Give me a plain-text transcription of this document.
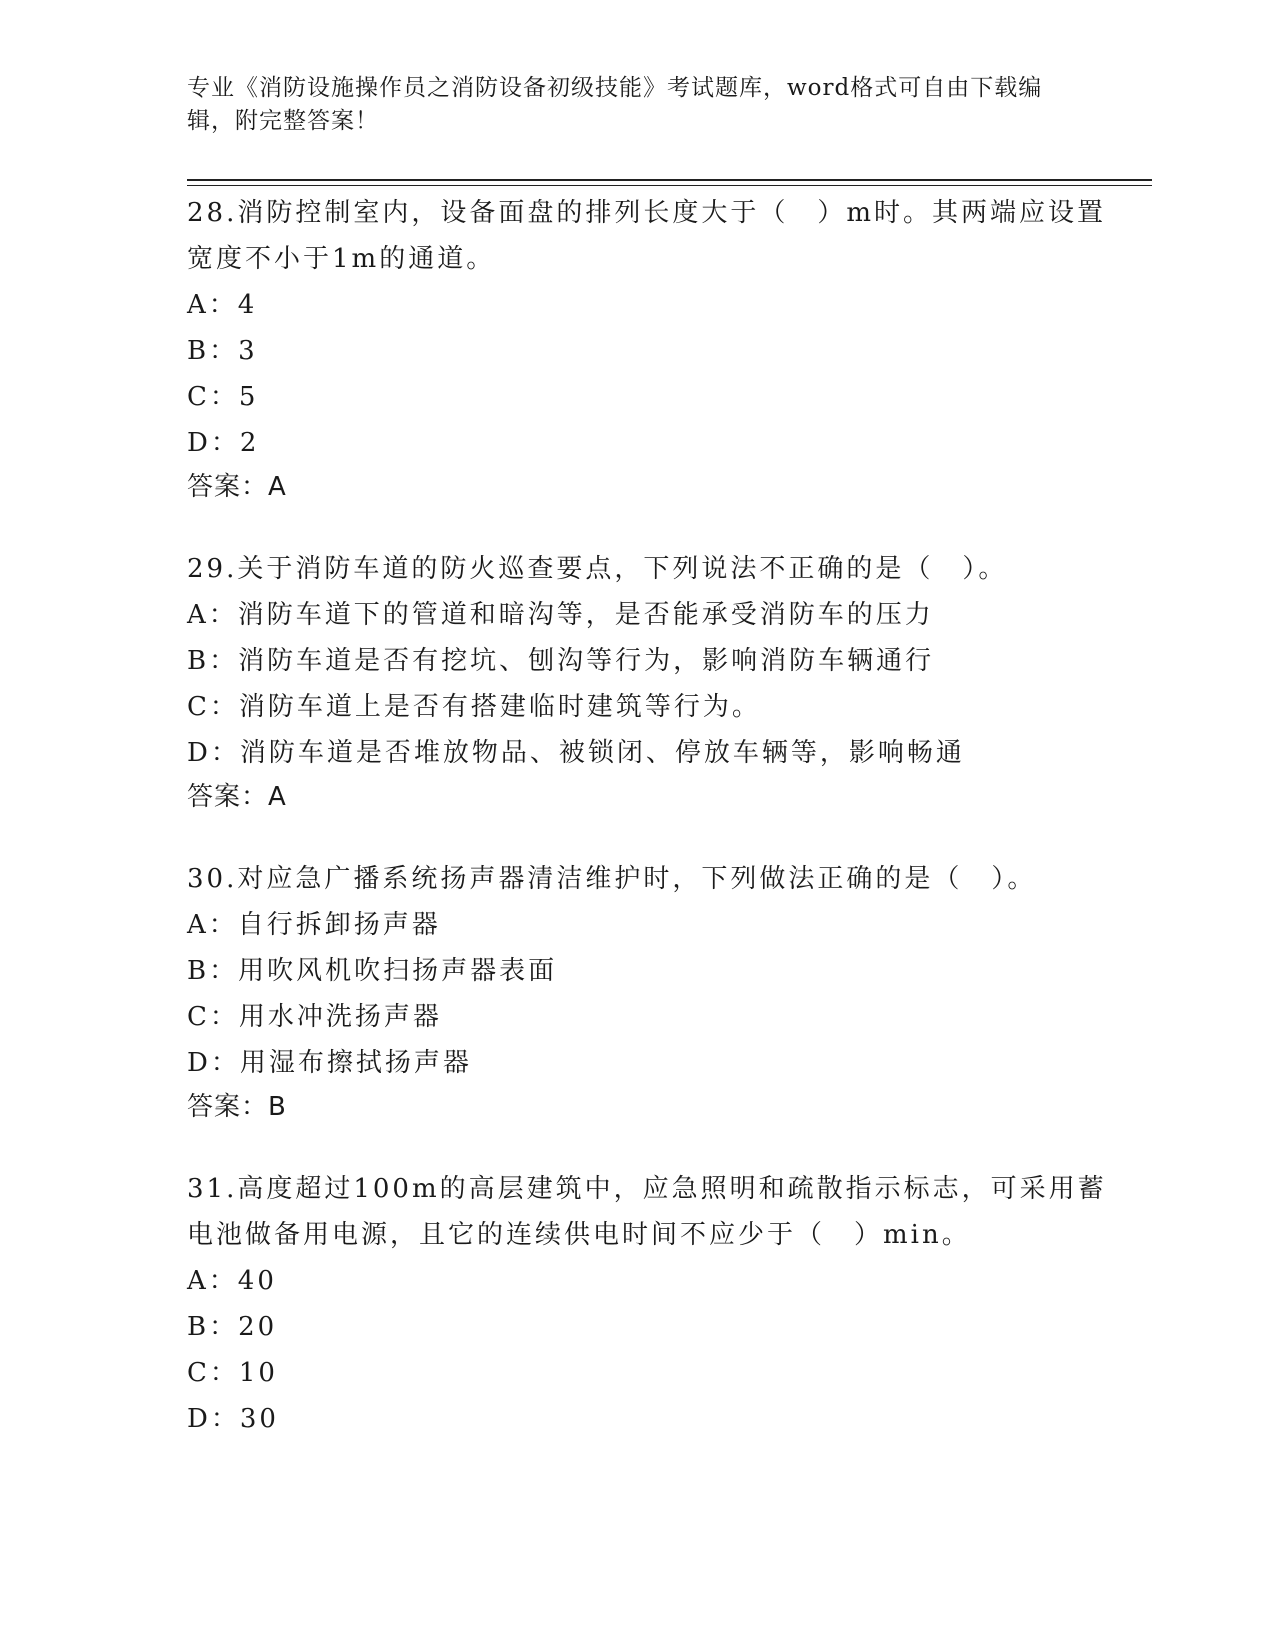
专业《消防设施操作员之消防设备初级技能》考试题库，word格式可自由下载编辑，附完整答案！
28.消防控制室内，设备面盘的排列长度大于（　）m时。其两端应设置宽度不小于1m的通道。
A：4
B：3
C：5
D：2
答案：A
29.关于消防车道的防火巡查要点，下列说法不正确的是（　）。
A：消防车道下的管道和暗沟等，是否能承受消防车的压力
B：消防车道是否有挖坑、刨沟等行为，影响消防车辆通行
C：消防车道上是否有搭建临时建筑等行为。
D：消防车道是否堆放物品、被锁闭、停放车辆等，影响畅通
答案：A
30.对应急广播系统扬声器清洁维护时，下列做法正确的是（　）。
A：自行拆卸扬声器
B：用吹风机吹扫扬声器表面
C：用水冲洗扬声器
D：用湿布擦拭扬声器
答案：B
31.高度超过100m的高层建筑中，应急照明和疏散指示标志，可采用蓄电池做备用电源，且它的连续供电时间不应少于（　）min。
A：40
B：20
C：10
D：30
